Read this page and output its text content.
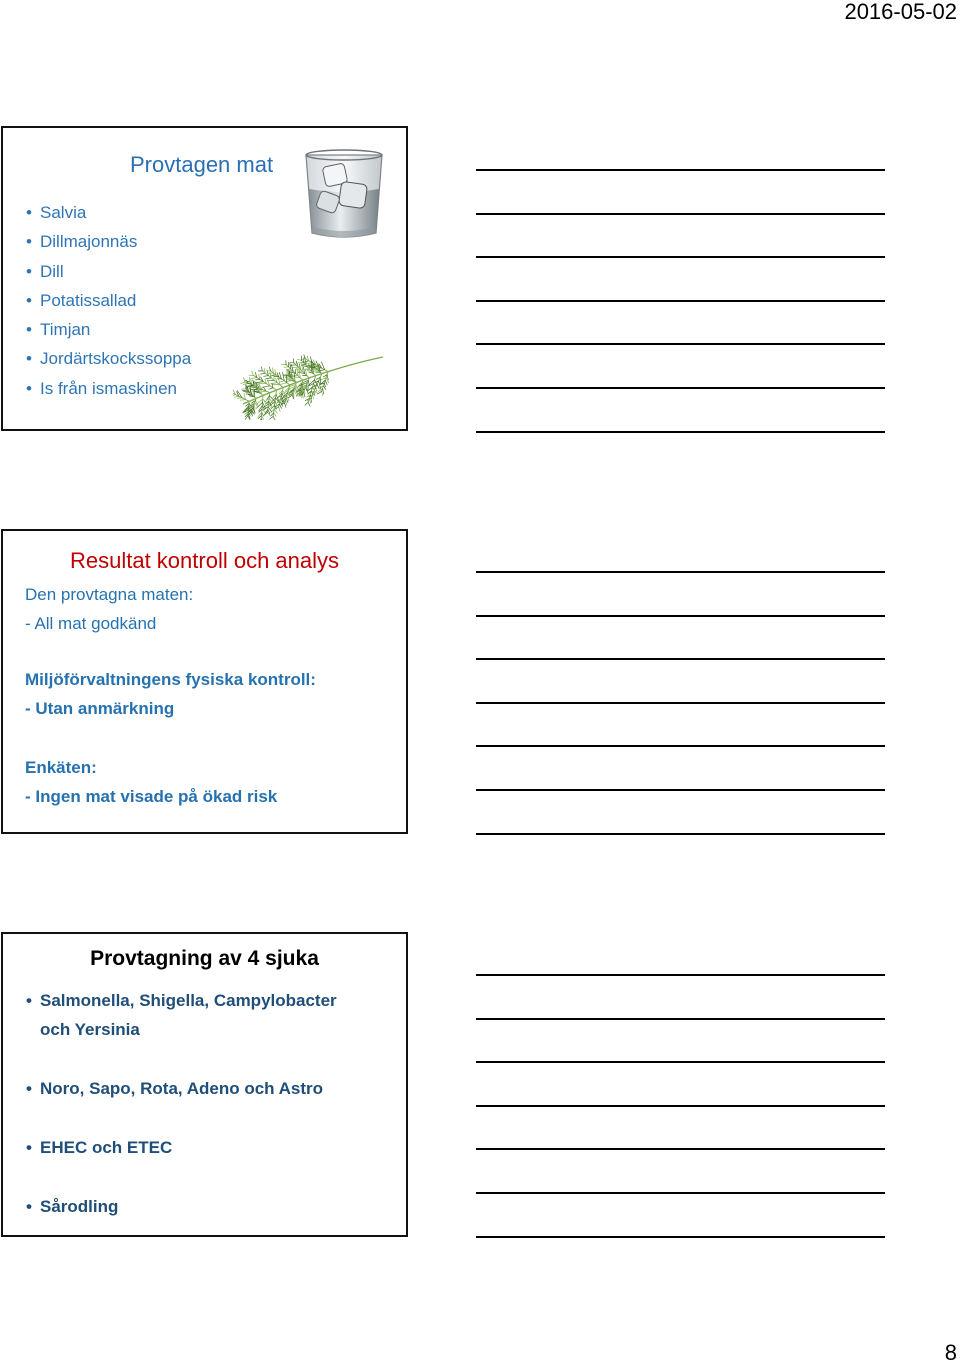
2016-05-02
Provtagen mat
• Salvia
• Dillmajonnäs
• Dill
• Potatissallad
• Timjan
• Jordärtskockssoppa
• Is från ismaskinen
Resultat kontroll och analys
Den provtagna maten:
- All mat godkänd
Miljöförvaltningens fysiska kontroll:
- Utan anmärkning
Enkäten:
- Ingen mat visade på ökad risk
Provtagning av 4 sjuka
• Salmonella, Shigella, Campylobacter och Yersinia
• Noro, Sapo, Rota, Adeno och Astro
• EHEC och ETEC
• Sårodling
8
